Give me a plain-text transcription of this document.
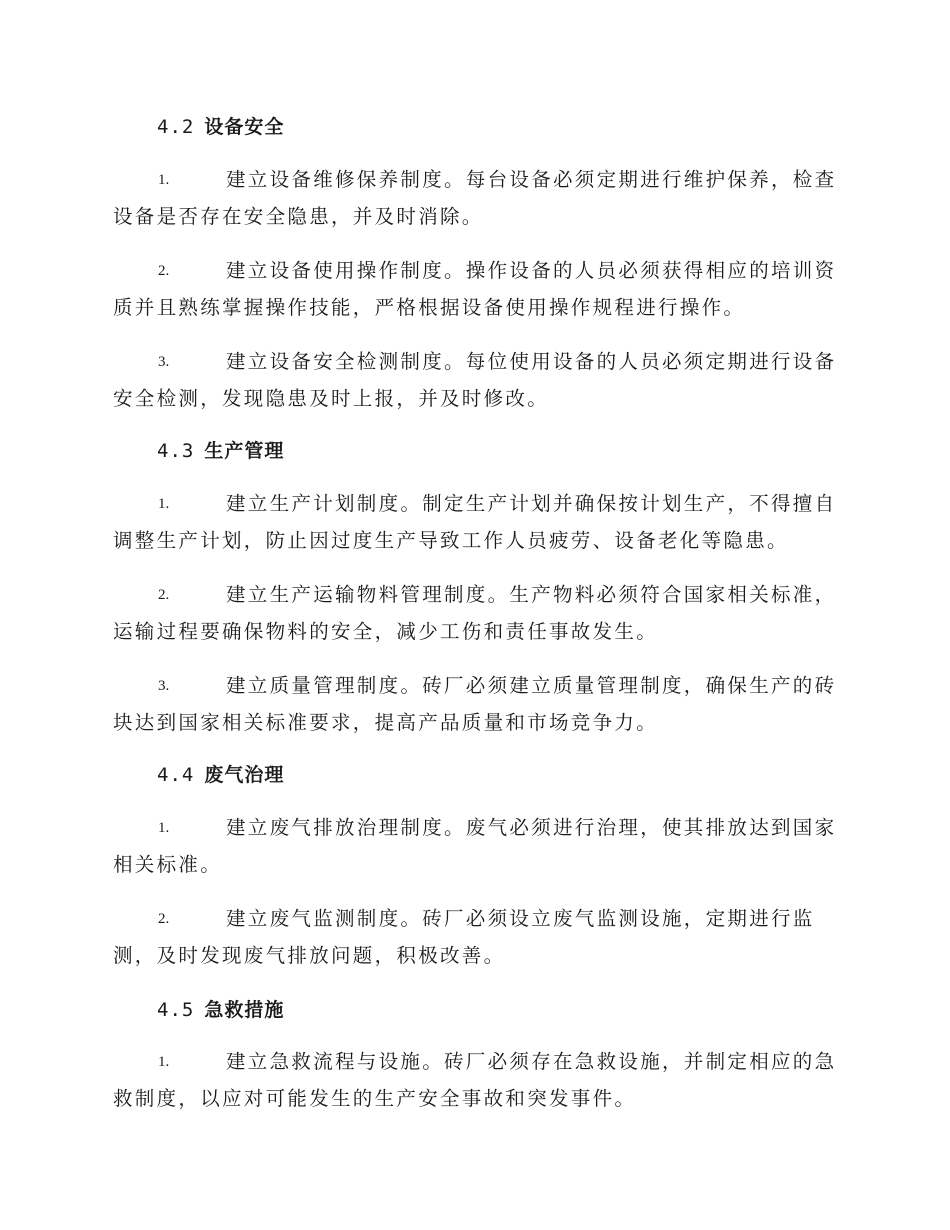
4.2 设备安全
1.	建立设备维修保养制度。每台设备必须定期进行维护保养，检查
设备是否存在安全隐患，并及时消除。
2.	建立设备使用操作制度。操作设备的人员必须获得相应的培训资
质并且熟练掌握操作技能，严格根据设备使用操作规程进行操作。
3.	建立设备安全检测制度。每位使用设备的人员必须定期进行设备
安全检测，发现隐患及时上报，并及时修改。
4.3 生产管理
1.	建立生产计划制度。制定生产计划并确保按计划生产，不得擅自
调整生产计划，防止因过度生产导致工作人员疲劳、设备老化等隐患。
2.	建立生产运输物料管理制度。生产物料必须符合国家相关标准，
运输过程要确保物料的安全，减少工伤和责任事故发生。
3.	建立质量管理制度。砖厂必须建立质量管理制度，确保生产的砖
块达到国家相关标准要求，提高产品质量和市场竞争力。
4.4 废气治理
1.	建立废气排放治理制度。废气必须进行治理，使其排放达到国家
相关标准。
2.	建立废气监测制度。砖厂必须设立废气监测设施，定期进行监
测，及时发现废气排放问题，积极改善。
4.5 急救措施
1.	建立急救流程与设施。砖厂必须存在急救设施，并制定相应的急
救制度，以应对可能发生的生产安全事故和突发事件。
